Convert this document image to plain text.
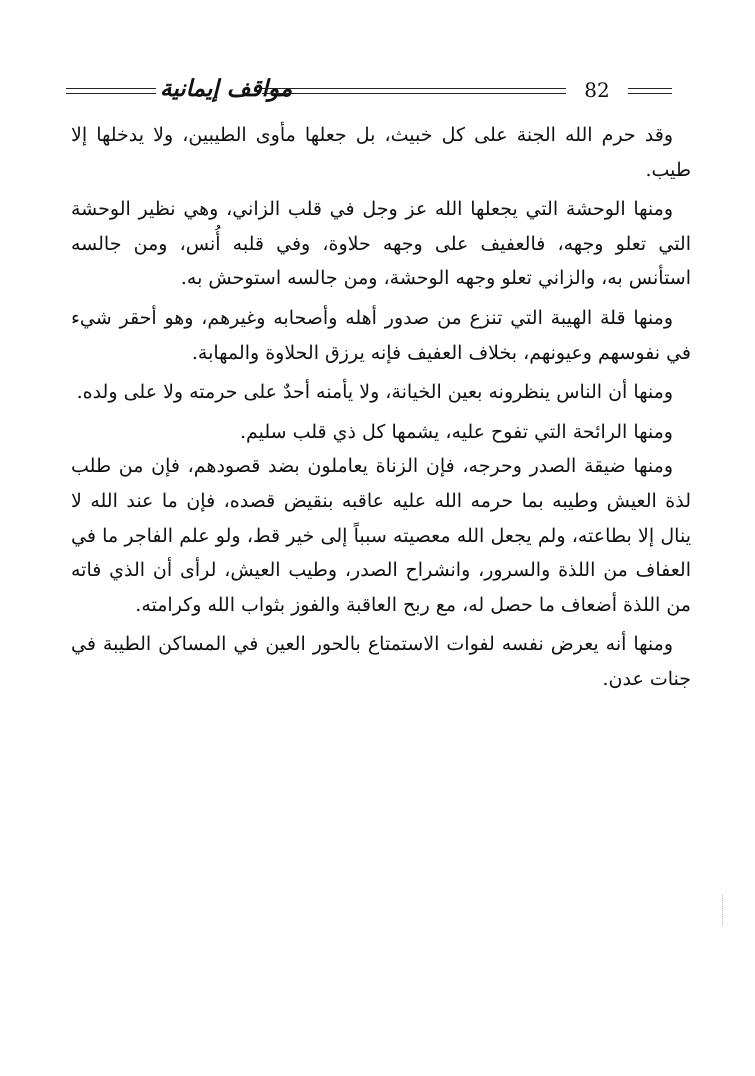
مواقف إيمانية	82

وقد حرم الله الجنة على كل خبيث، بل جعلها مأوى الطيبين، ولا يدخلها إلا طيب.

ومنها الوحشة التي يجعلها الله عز وجل في قلب الزاني، وهي نظير الوحشة التي تعلو وجهه، فالعفيف على وجهه حلاوة، وفي قلبه أُنس، ومن جالسه استأنس به، والزاني تعلو وجهه الوحشة، ومن جالسه استوحش به.

ومنها قلة الهيبة التي تنزع من صدور أهله وأصحابه وغيرهم، وهو أحقر شيء في نفوسهم وعيونهم، بخلاف العفيف فإنه يرزق الحلاوة والمهابة.

ومنها أن الناس ينظرونه بعين الخيانة، ولا يأمنه أحدٌ على حرمته ولا على ولده.

ومنها الرائحة التي تفوح عليه، يشمها كل ذي قلب سليم.

ومنها ضيقة الصدر وحرجه، فإن الزناة يعاملون بضد قصودهم، فإن من طلب لذة العيش وطيبه بما حرمه الله عليه عاقبه بنقيض قصده، فإن ما عند الله لا ينال إلا بطاعته، ولم يجعل الله معصيته سبباً إلى خير قط، ولو علم الفاجر ما في العفاف من اللذة والسرور، وانشراح الصدر، وطيب العيش، لرأى أن الذي فاته من اللذة أضعاف ما حصل له، مع ربح العاقبة والفوز بثواب الله وكرامته.

ومنها أنه يعرض نفسه لفوات الاستمتاع بالحور العين في المساكن الطيبة في جنات عدن.
